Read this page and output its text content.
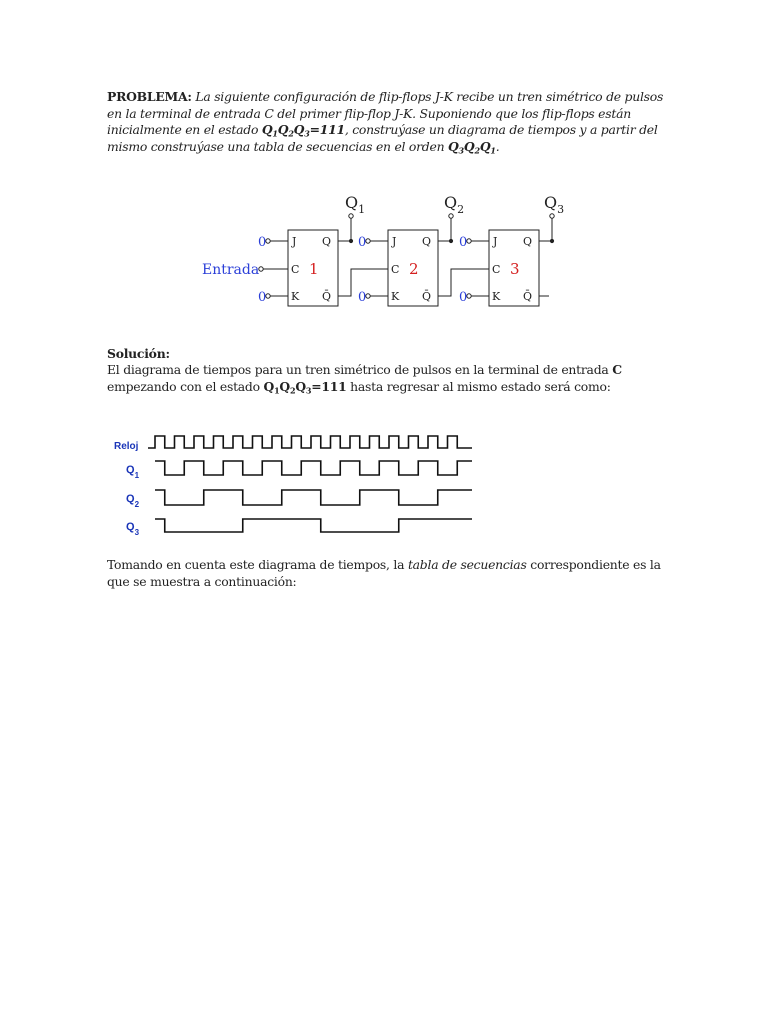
PROBLEMA: La siguiente configuración de flip-flops J-K recibe un tren simétrico de pulsos en la terminal de entrada C del primer flip-flop J-K. Suponiendo que los flip-flops están inicialmente en el estado $Q_1Q_2Q_3=111$, construýase un diagrama de tiempos y a partir del mismo construýase una tabla de secuencias en el orden $Q_3Q_2Q_1$.
$Q_1$	$Q_2$	$Q_3$
Entrada
0
0
0
0
0
0
J
C
K
Q
Q̄
J
C
K
Q
Q̄
J
C
K
Q
Q̄
1	2	3
Solución:
El diagrama de tiempos para un tren simétrico de pulsos en la terminal de entrada C empezando con el estado $Q_1Q_2Q_3=111$ hasta regresar al mismo estado será como:
Reloj
$Q_1$
$Q_2$
$Q_3$
Tomando en cuenta este diagrama de tiempos, la tabla de secuencias correspondiente es la que se muestra a continuación:
